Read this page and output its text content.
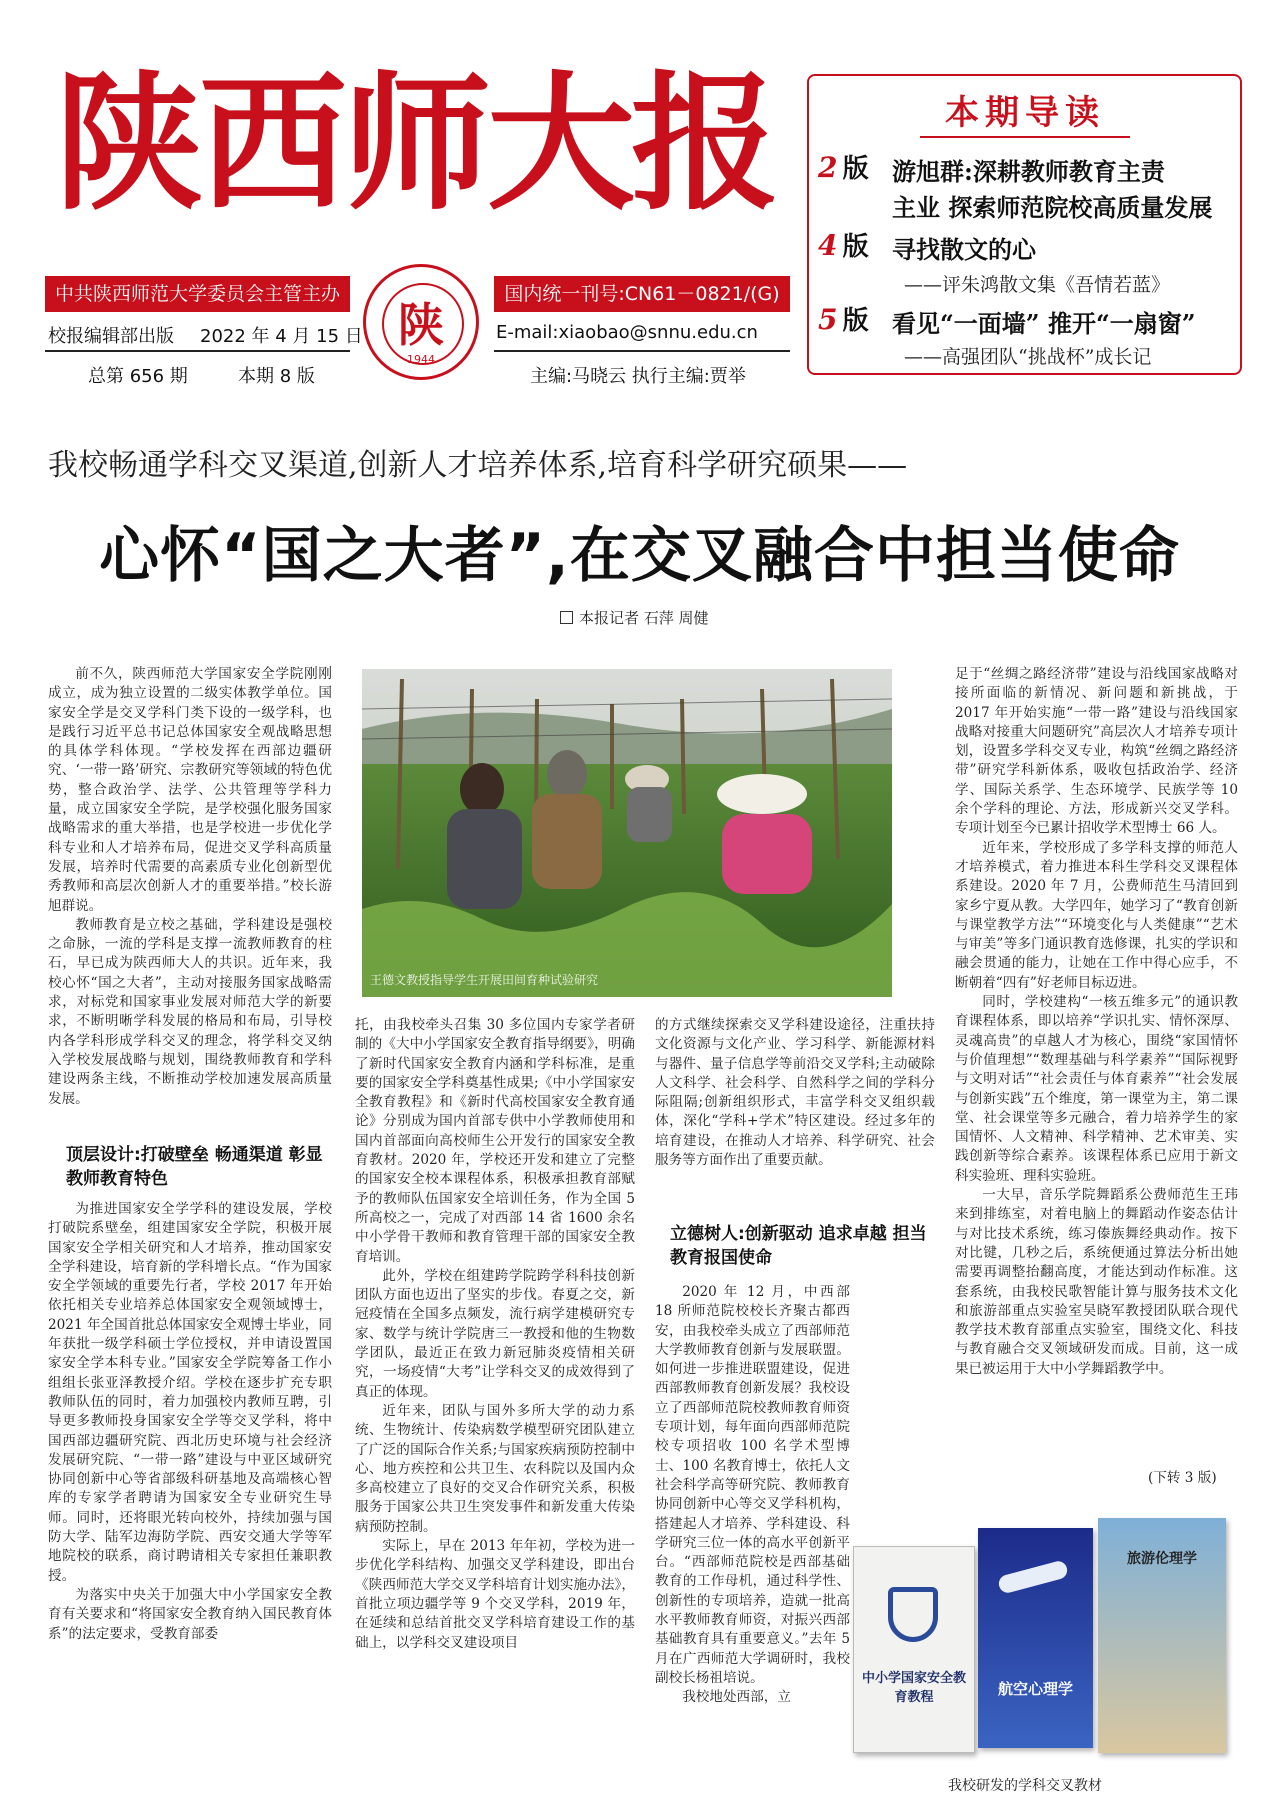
陕西师大报
中共陕西师范大学委员会主管主办
校报编辑部出版 2022 年 4 月 15 日
总第 656 期	本期 8 版
陕
1944
国内统一刊号:CN61－0821/(G)
E-mail:xiaobao@snnu.edu.cn
主编:马晓云 执行主编:贾举
本期导读
2 版 游旭群:深耕教师教育主责
主业 探索师范院校高质量发展
4 版 寻找散文的心
——评朱鸿散文集《吾情若蓝》
5 版 看见“一面墙” 推开“一扇窗”
——高强团队“挑战杯”成长记
我校畅通学科交叉渠道,创新人才培养体系,培育科学研究硕果——
心怀“国之大者”,在交叉融合中担当使命
本报记者 石萍 周健

前不久，陕西师范大学国家安全学院刚刚成立，成为独立设置的二级实体教学单位。国家安全学是交叉学科门类下设的一级学科，也是践行习近平总书记总体国家安全观战略思想的具体学科体现。“学校发挥在西部边疆研究、‘一带一路’研究、宗教研究等领域的特色优势，整合政治学、法学、公共管理等学科力量，成立国家安全学院，是学校强化服务国家战略需求的重大举措，也是学校进一步优化学科专业和人才培养布局，促进交叉学科高质量发展，培养时代需要的高素质专业化创新型优秀教师和高层次创新人才的重要举措。”校长游旭群说。

教师教育是立校之基础，学科建设是强校之命脉，一流的学科是支撑一流教师教育的柱石，早已成为陕西师大人的共识。近年来，我校心怀“国之大者”，主动对接服务国家战略需求，对标党和国家事业发展对师范大学的新要求，不断明晰学科发展的格局和布局，引导校内各学科形成学科交叉的理念，将学科交叉纳入学校发展战略与规划，围绕教师教育和学科建设两条主线，不断推动学校加速发展高质量发展。

顶层设计:打破壁垒 畅通渠道 彰显教师教育特色

为推进国家安全学学科的建设发展，学校打破院系壁垒，组建国家安全学院，积极开展国家安全学相关研究和人才培养，推动国家安全学科建设，培育新的学科增长点。“作为国家安全学领域的重要先行者，学校 2017 年开始依托相关专业培养总体国家安全观领域博士，2021 年全国首批总体国家安全观博士毕业，同年获批一级学科硕士学位授权，并申请设置国家安全学本科专业。”国家安全学院筹备工作小组组长张亚泽教授介绍。学校在逐步扩充专职教师队伍的同时，着力加强校内教师互聘，引导更多教师投身国家安全学等交叉学科，将中国西部边疆研究院、西北历史环境与社会经济发展研究院、“一带一路”建设与中亚区域研究协同创新中心等省部级科研基地及高端核心智库的专家学者聘请为国家安全专业研究生导师。同时，还将眼光转向校外，持续加强与国防大学、陆军边海防学院、西安交通大学等军地院校的联系，商讨聘请相关专家担任兼职教授。

为落实中央关于加强大中小学国家安全教育有关要求和“将国家安全教育纳入国民教育体系”的法定要求，受教育部委

王德文教授指导学生开展田间育种试验研究

托，由我校牵头召集 30 多位国内专家学者研制的《大中小学国家安全教育指导纲要》，明确了新时代国家安全教育内涵和学科标准，是重要的国家安全学科奠基性成果;《中小学国家安全教育教程》和《新时代高校国家安全教育通论》分别成为国内首部专供中小学教师使用和国内首部面向高校师生公开发行的国家安全教育教材。2020 年，学校还开发和建立了完整的国家安全校本课程体系，积极承担教育部赋予的教师队伍国家安全培训任务，作为全国 5 所高校之一，完成了对西部 14 省 1600 余名中小学骨干教师和教育管理干部的国家安全教育培训。

此外，学校在组建跨学院跨学科科技创新团队方面也迈出了坚实的步伐。春夏之交，新冠疫情在全国多点频发，流行病学建模研究专家、数学与统计学院唐三一教授和他的生物数学团队，最近正在致力新冠肺炎疫情相关研究，一场疫情“大考”让学科交叉的成效得到了真正的体现。

近年来，团队与国外多所大学的动力系统、生物统计、传染病数学模型研究团队建立了广泛的国际合作关系;与国家疾病预防控制中心、地方疾控和公共卫生、农科院以及国内众多高校建立了良好的交叉合作研究关系，积极服务于国家公共卫生突发事件和新发重大传染病预防控制。

实际上，早在 2013 年年初，学校为进一步优化学科结构、加强交叉学科建设，即出台《陕西师范大学交叉学科培育计划实施办法》，首批立项边疆学等 9 个交叉学科，2019 年，在延续和总结首批交叉学科培育建设工作的基础上，以学科交叉建设项目

的方式继续探索交叉学科建设途径，注重扶持文化资源与文化产业、学习科学、新能源材料与器件、量子信息学等前沿交叉学科;主动破除人文科学、社会科学、自然科学之间的学科分际阻隔;创新组织形式，丰富学科交叉组织载体，深化“学科+学术”特区建设。经过多年的培育建设，在推动人才培养、科学研究、社会服务等方面作出了重要贡献。

立德树人:创新驱动 追求卓越 担当教育报国使命

2020 年 12 月，中西部 18 所师范院校校长齐聚古都西安，由我校牵头成立了西部师范大学教师教育创新与发展联盟。如何进一步推进联盟建设，促进西部教师教育创新发展？我校设立了西部师范院校教师教育师资专项计划，每年面向西部师范院校专项招收 100 名学术型博士、100 名教育博士，依托人文社会科学高等研究院、教师教育协同创新中心等交叉学科机构，搭建起人才培养、学科建设、科学研究三位一体的高水平创新平台。“西部师范院校是西部基础教育的工作母机，通过科学性、创新性的专项培养，造就一批高水平教师教育师资，对振兴西部基础教育具有重要意义。”去年 5 月在广西师范大学调研时，我校副校长杨祖培说。

我校地处西部，立

足于“丝绸之路经济带”建设与沿线国家战略对接所面临的新情况、新问题和新挑战，于 2017 年开始实施“一带一路”建设与沿线国家战略对接重大问题研究”高层次人才培养专项计划，设置多学科交叉专业，构筑“丝绸之路经济带”研究学科新体系，吸收包括政治学、经济学、国际关系学、生态环境学、民族学等 10 余个学科的理论、方法，形成新兴交叉学科。专项计划至今已累计招收学术型博士 66 人。

近年来，学校形成了多学科支撑的师范人才培养模式，着力推进本科生学科交叉课程体系建设。2020 年 7 月，公费师范生马清回到家乡宁夏从教。大学四年，她学习了“教育创新与课堂教学方法”“环境变化与人类健康”“艺术与审美”等多门通识教育选修课，扎实的学识和融会贯通的能力，让她在工作中得心应手，不断朝着“四有”好老师目标迈进。

同时，学校建构“一核五维多元”的通识教育课程体系，即以培养“学识扎实、情怀深厚、灵魂高贵”的卓越人才为核心，围绕“家国情怀与价值理想”“数理基础与科学素养”“国际视野与文明对话”“社会责任与体育素养”“社会发展与创新实践”五个维度，第一课堂为主，第二课堂、社会课堂等多元融合，着力培养学生的家国情怀、人文精神、科学精神、艺术审美、实践创新等综合素养。该课程体系已应用于新文科实验班、理科实验班。

一大早，音乐学院舞蹈系公费师范生王玮来到排练室，对着电脑上的舞蹈动作姿态估计与对比技术系统，练习傣族舞经典动作。按下对比键，几秒之后，系统便通过算法分析出她需要再调整抬翻高度，才能达到动作标准。这套系统，由我校民歌智能计算与服务技术文化和旅游部重点实验室吴晓军教授团队联合现代教学技术教育部重点实验室，围绕文化、科技与教育融合交叉领域研发而成。目前，这一成果已被运用于大中小学舞蹈教学中。

(下转 3 版)
中小学国家安全教育教程	航空心理学
旅游伦理学
我校研发的学科交叉教材
